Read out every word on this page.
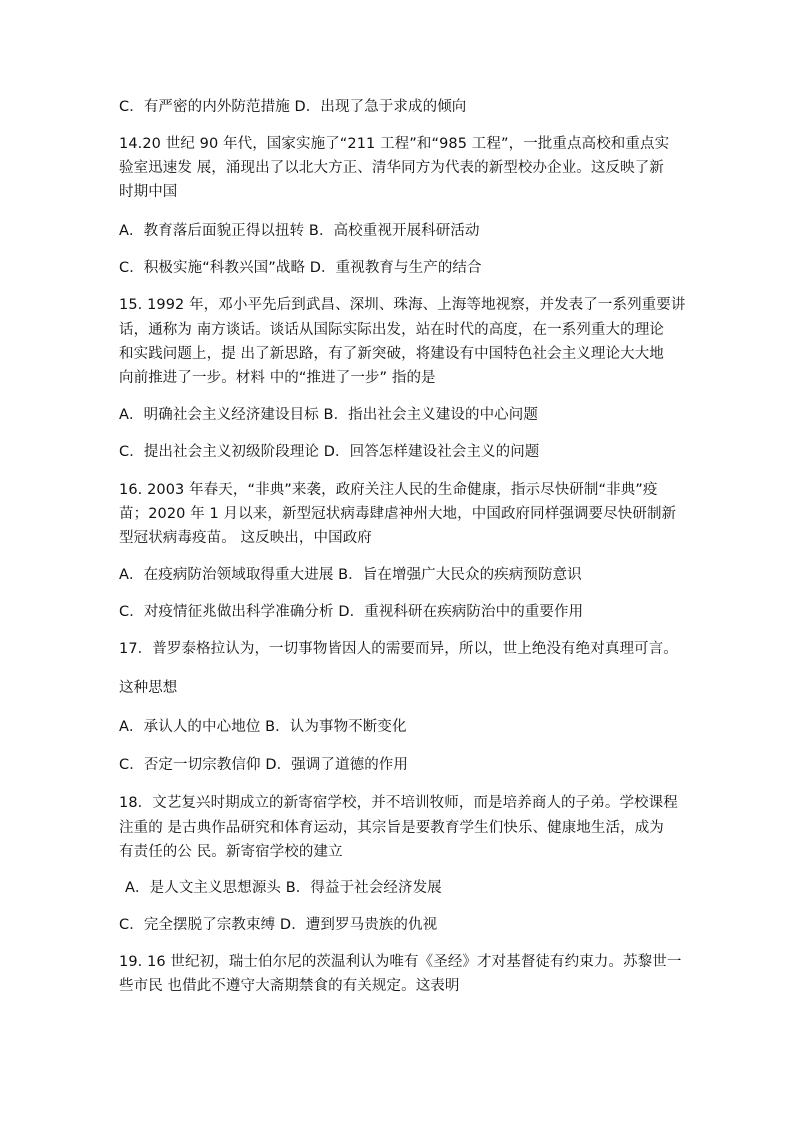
C．有严密的内外防范措施 D．出现了急于求成的倾向
14.20 世纪 90 年代，国家实施了“211 工程”和“985 工程”，一批重点高校和重点实
验室迅速发 展，涌现出了以北大方正、清华同方为代表的新型校办企业。这反映了新
时期中国
A．教育落后面貌正得以扭转 B．高校重视开展科研活动
C．积极实施“科教兴国”战略 D．重视教育与生产的结合
15. 1992 年，邓小平先后到武昌、深圳、珠海、上海等地视察，并发表了一系列重要讲
话，通称为 南方谈话。谈话从国际实际出发，站在时代的高度，在一系列重大的理论
和实践问题上，提 出了新思路，有了新突破，将建设有中国特色社会主义理论大大地
向前推进了一步。材料 中的“推进了一步” 指的是
A．明确社会主义经济建设目标 B．指出社会主义建设的中心问题
C．提出社会主义初级阶段理论 D．回答怎样建设社会主义的问题
16. 2003 年春天，“非典”来袭，政府关注人民的生命健康，指示尽快研制“非典”疫
苗；2020 年 1 月以来，新型冠状病毒肆虐神州大地，中国政府同样强调要尽快研制新
型冠状病毒疫苗。 这反映出，中国政府
A．在疫病防治领域取得重大进展 B．旨在增强广大民众的疾病预防意识
C．对疫情征兆做出科学准确分析 D．重视科研在疾病防治中的重要作用
17．普罗泰格拉认为，一切事物皆因人的需要而异，所以，世上绝没有绝对真理可言。
这种思想
A．承认人的中心地位 B．认为事物不断变化
C．否定一切宗教信仰 D．强调了道德的作用
18．文艺复兴时期成立的新寄宿学校，并不培训牧师，而是培养商人的子弟。学校课程
注重的 是古典作品研究和体育运动，其宗旨是要教育学生们快乐、健康地生活，成为
有责任的公 民。新寄宿学校的建立
A．是人文主义思想源头 B．得益于社会经济发展
C．完全摆脱了宗教束缚 D．遭到罗马贵族的仇视
19. 16 世纪初，瑞士伯尔尼的茨温利认为唯有《圣经》才对基督徒有约束力。苏黎世一
些市民 也借此不遵守大斋期禁食的有关规定。这表明
